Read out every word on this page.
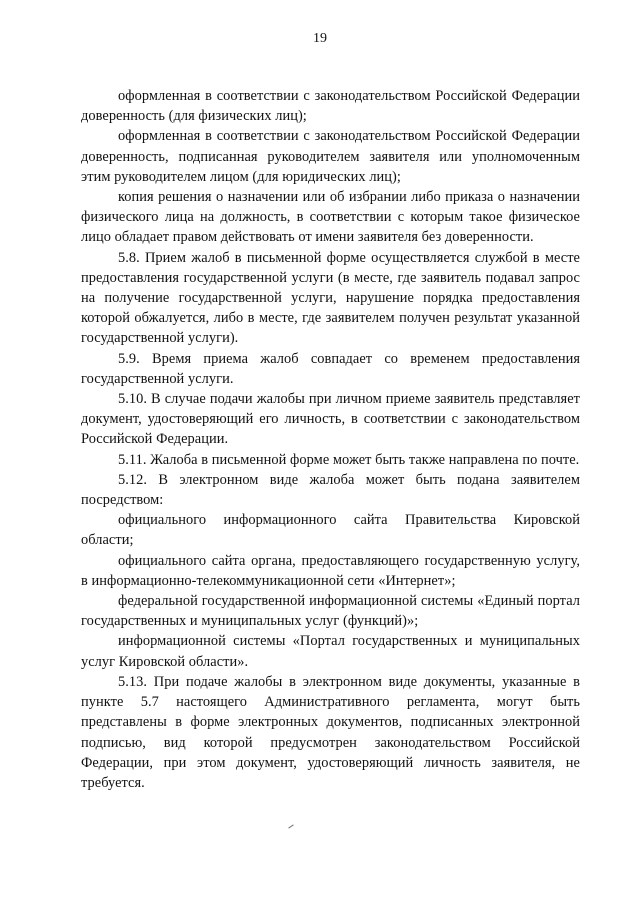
19

оформленная в соответствии с законодательством Российской Федерации доверенность (для физических лиц);

оформленная в соответствии с законодательством Российской Федерации доверенность, подписанная руководителем заявителя или уполномоченным этим руководителем лицом (для юридических лиц);

копия решения о назначении или об избрании либо приказа о назначении физического лица на должность, в соответствии с которым такое физическое лицо обладает правом действовать от имени заявителя без доверенности.

5.8. Прием жалоб в письменной форме осуществляется службой в месте предоставления государственной услуги (в месте, где заявитель подавал запрос на получение государственной услуги, нарушение порядка предоставления которой обжалуется, либо в месте, где заявителем получен результат указанной государственной услуги).

5.9. Время приема жалоб совпадает со временем предоставления государственной услуги.

5.10. В случае подачи жалобы при личном приеме заявитель представляет документ, удостоверяющий его личность, в соответствии с законодательством Российской Федерации.

5.11. Жалоба в письменной форме может быть также направлена по почте.

5.12. В электронном виде жалоба может быть подана заявителем посредством:

официального информационного сайта Правительства Кировской области;

официального сайта органа, предоставляющего государственную услугу, в информационно-телекоммуникационной сети «Интернет»;

федеральной государственной информационной системы «Единый портал государственных и муниципальных услуг (функций)»;

информационной системы «Портал государственных и муниципальных услуг Кировской области».

5.13. При подаче жалобы в электронном виде документы, указанные в пункте 5.7 настоящего Административного регламента, могут быть представлены в форме электронных документов, подписанных электронной подписью, вид которой предусмотрен законодательством Российской Федерации, при этом документ, удостоверяющий личность заявителя, не требуется.
